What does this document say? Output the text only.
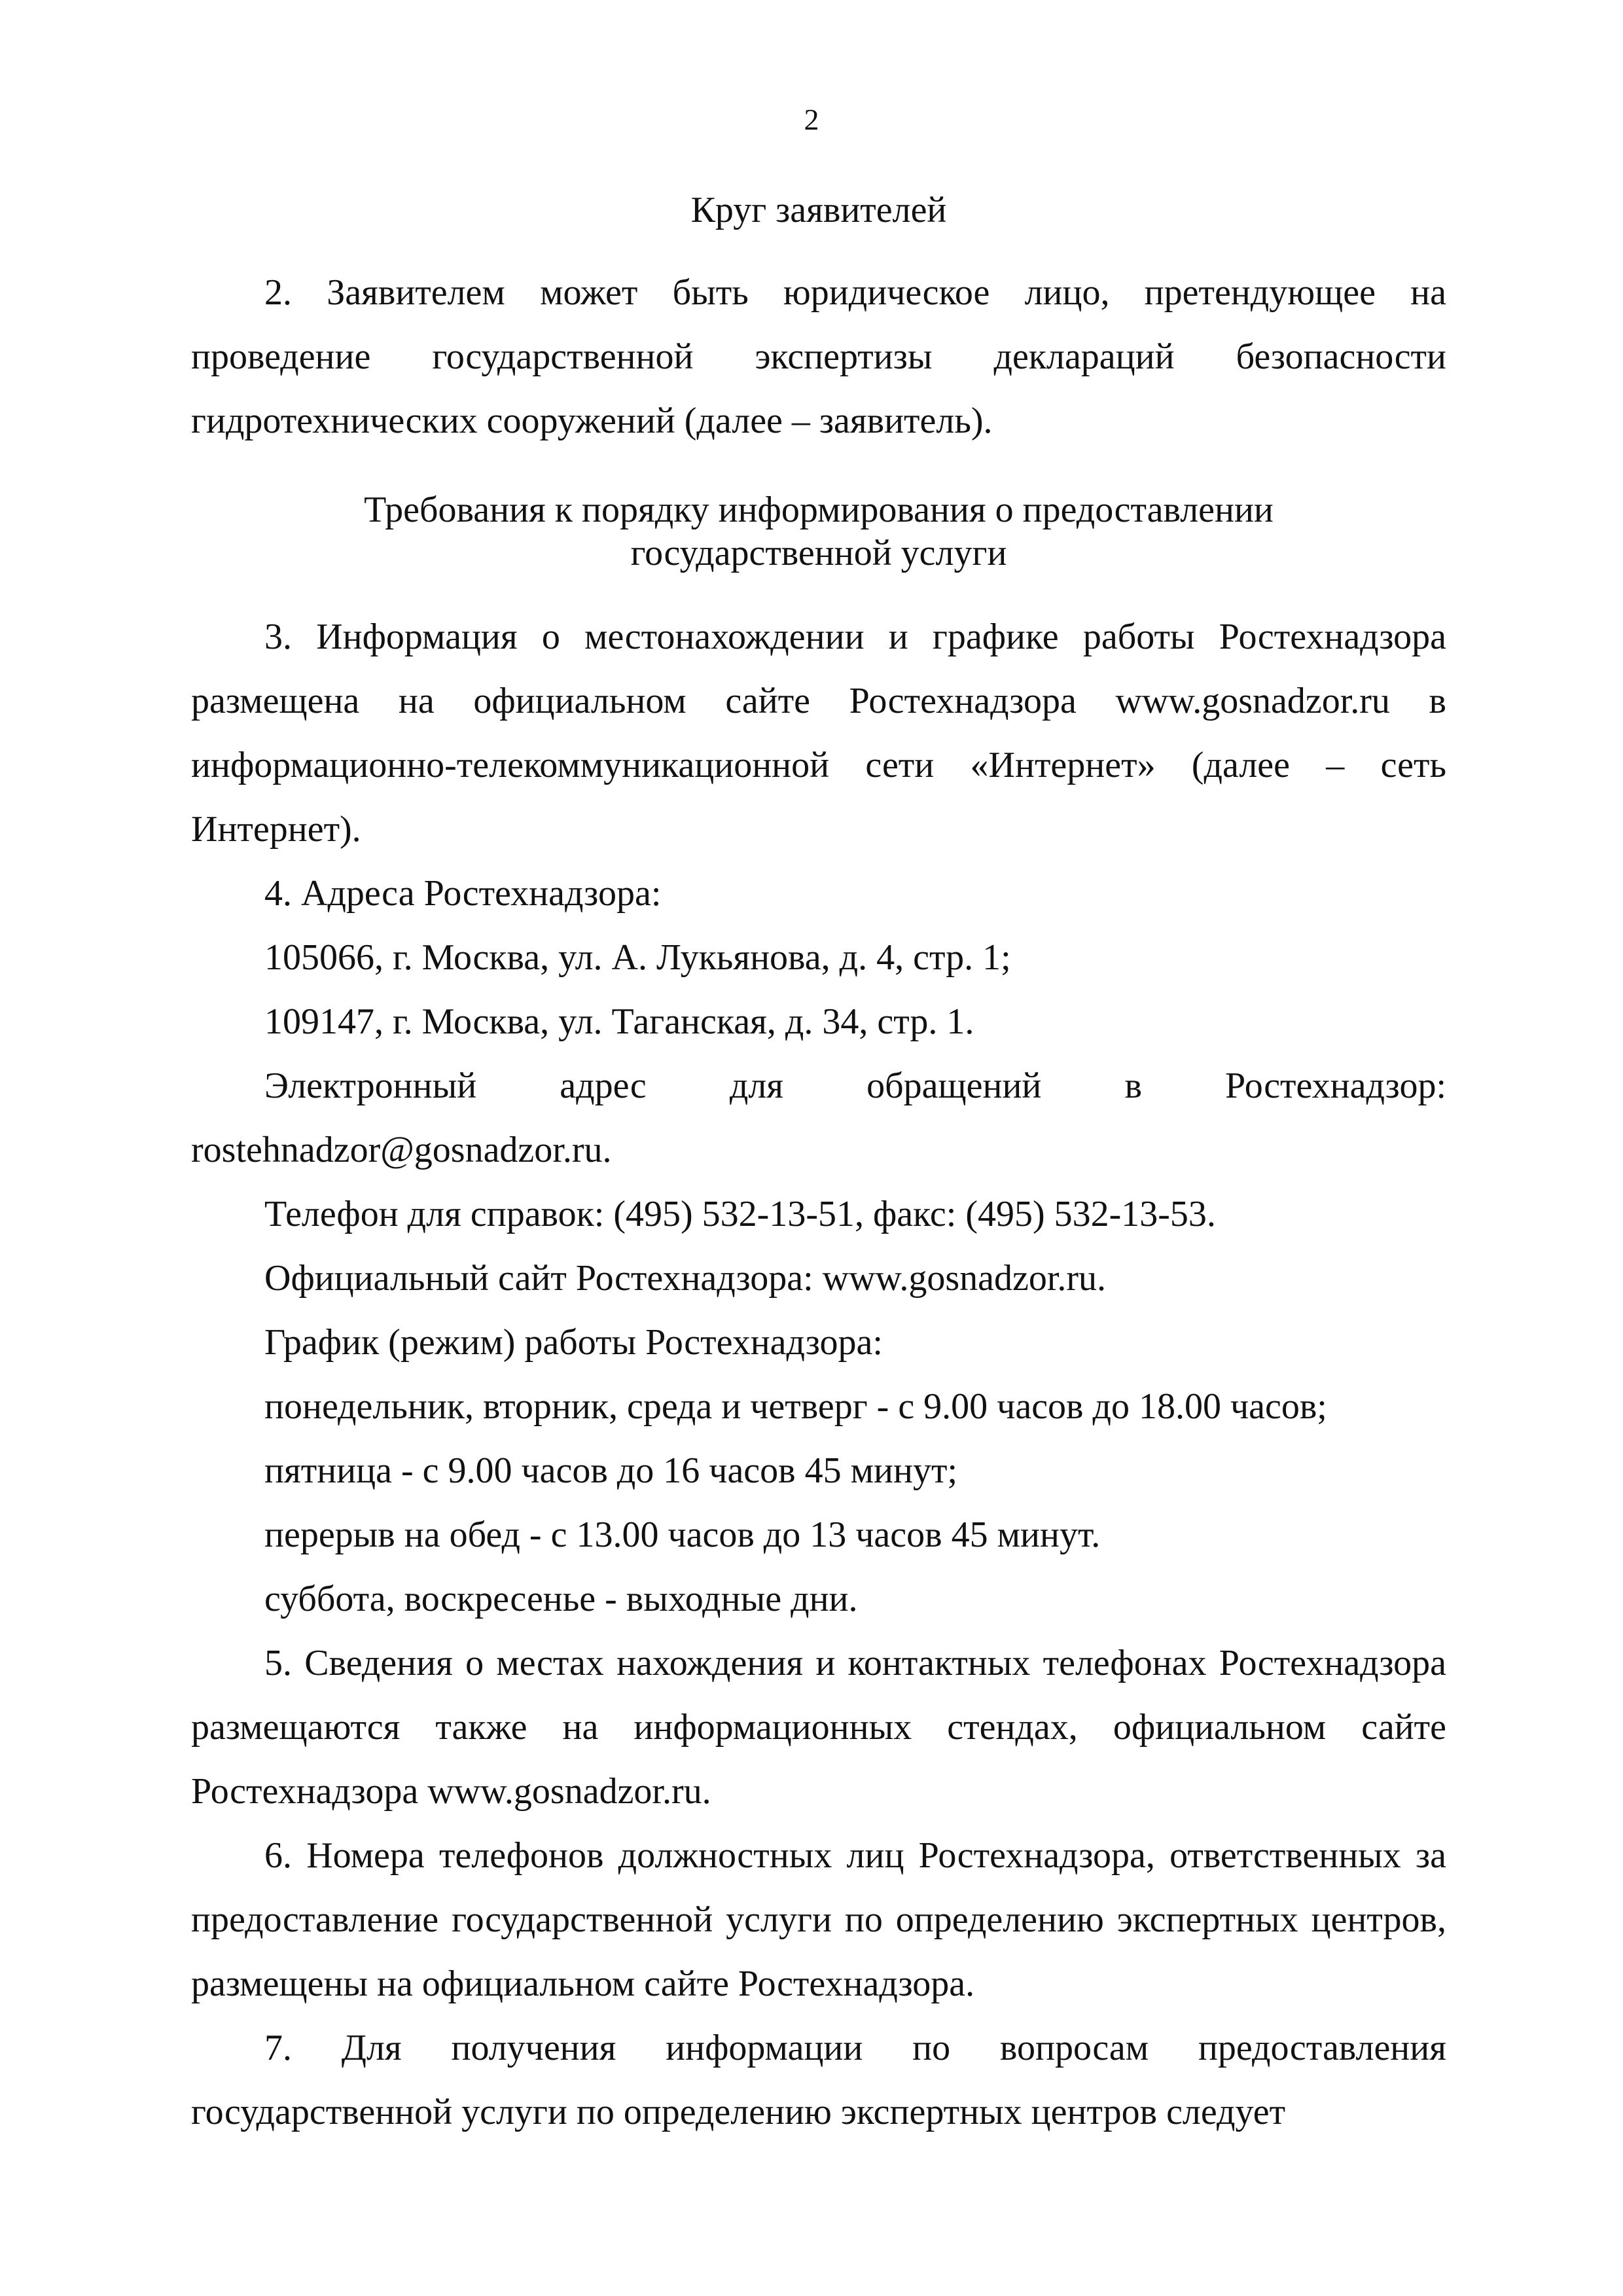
2

Круг заявителей

2. Заявителем может быть юридическое лицо, претендующее на проведение государственной экспертизы деклараций безопасности гидротехнических сооружений (далее – заявитель).

Требования к порядку информирования о предоставлении
государственной услуги

3. Информация о местонахождении и графике работы Ростехнадзора размещена на официальном сайте Ростехнадзора www.gosnadzor.ru в информационно-телекоммуникационной сети «Интернет» (далее – сеть Интернет).

4. Адреса Ростехнадзора:

105066, г. Москва, ул. А. Лукьянова, д. 4, стр. 1;

109147, г. Москва, ул. Таганская, д. 34, стр. 1.

Электронный адрес для обращений в Ростехнадзор: rostehnadzor@gosnadzor.ru.

Телефон для справок: (495) 532-13-51, факс: (495) 532-13-53.

Официальный сайт Ростехнадзора: www.gosnadzor.ru.

График (режим) работы Ростехнадзора:

понедельник, вторник, среда и четверг - с 9.00 часов до 18.00 часов;

пятница - с 9.00 часов до 16 часов 45 минут;

перерыв на обед - с 13.00 часов до 13 часов 45 минут.

суббота, воскресенье - выходные дни.

5. Сведения о местах нахождения и контактных телефонах Ростехнадзора размещаются также на информационных стендах, официальном сайте Ростехнадзора www.gosnadzor.ru.

6. Номера телефонов должностных лиц Ростехнадзора, ответственных за предоставление государственной услуги по определению экспертных центров, размещены на официальном сайте Ростехнадзора.

7. Для получения информации по вопросам предоставления государственной услуги по определению экспертных центров следует
